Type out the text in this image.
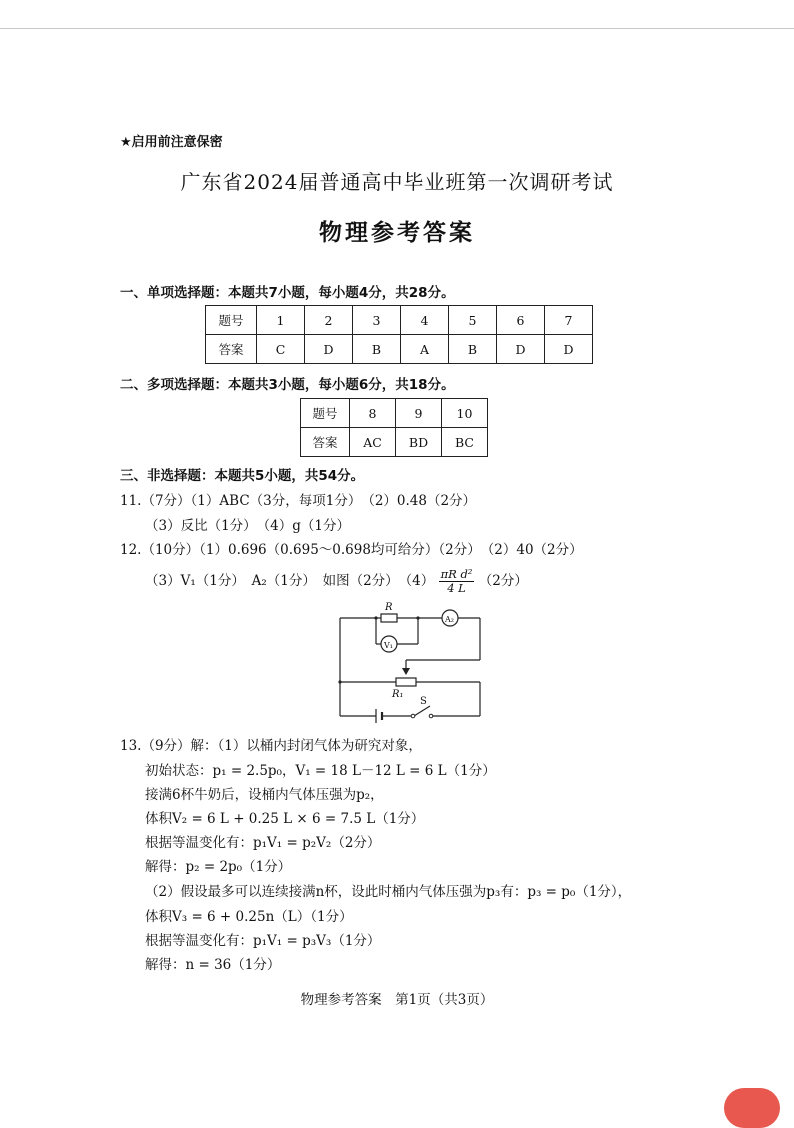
★启用前注意保密
广东省2024届普通高中毕业班第一次调研考试
物理参考答案
一、单项选择题：本题共7小题，每小题4分，共28分。
题号	1	2	3	4	5	6	7
答案	C	D	B	A	B	D	D
二、多项选择题：本题共3小题，每小题6分，共18分。
题号	8	9	10
答案	AC	BD	BC
三、非选择题：本题共5小题，共54分。
11.（7分）（1）ABC（3分，每项1分）　（2）0.48（2分）
（3）反比（1分）　（4）g（1分）
12.（10分）（1）0.696（0.695～0.698均可给分）（2分）　（2）40（2分）
（3）V₁（1分）　A₂（1分）　如图（2分）　$(4) \frac{\text{πR d²}}{4 L} (2$分）
R
A₂
V₁
R₁
S
13.（9分）解：（1）以桶内封闭气体为研究对象，
初始状态：p₁ = 2.5p₀，V₁ = 18 L－12 L = 6 L（1分）
接满6杯牛奶后，设桶内气体压强为p₂，
体积V₂ = 6 L + 0.25 L × 6 = 7.5 L（1分）
根据等温变化有：p₁V₁ = p₂V₂（2分）
解得：p₂ = 2p₀（1分）
（2）假设最多可以连续接满n杯，设此时桶内气体压强为p₃有：p₃ = p₀（1分），
体积V₃ = 6 + 0.25n（L）（1分）
根据等温变化有：p₁V₁ = p₃V₃（1分）
解得：n = 36（1分）
物理参考答案　第1页（共3页）
